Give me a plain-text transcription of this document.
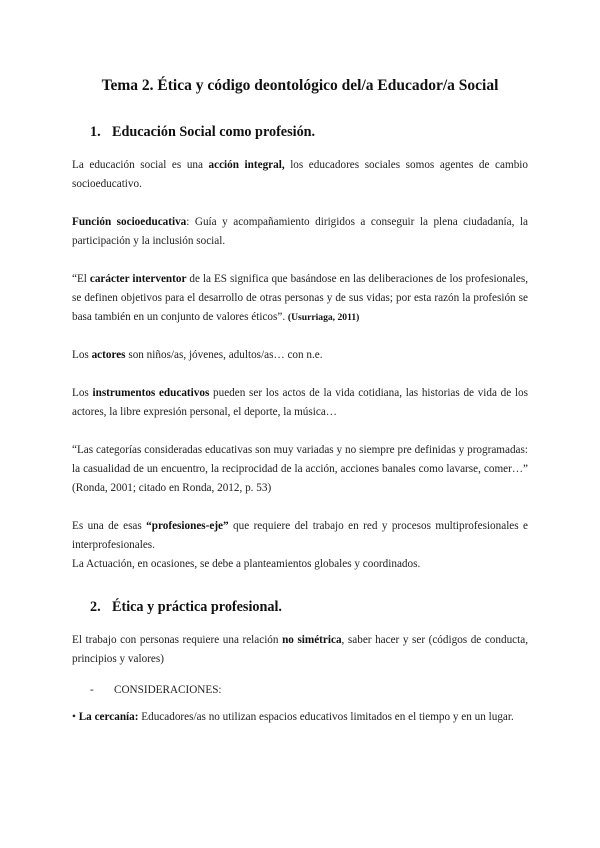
Tema 2. Ética y código deontológico del/a Educador/a Social
1. Educación Social como profesión.

La educación social es una acción integral, los educadores sociales somos agentes de cambio socioeducativo.

Función socioeducativa: Guía y acompañamiento dirigidos a conseguir la plena ciudadanía, la participación y la inclusión social.

“El carácter interventor de la ES significa que basándose en las deliberaciones de los profesionales, se definen objetivos para el desarrollo de otras personas y de sus vidas; por esta razón la profesión se basa también en un conjunto de valores éticos”. (Usurriaga, 2011)

Los actores son niños/as, jóvenes, adultos/as… con n.e.

Los instrumentos educativos pueden ser los actos de la vida cotidiana, las historias de vida de los actores, la libre expresión personal, el deporte, la música…

“Las categorías consideradas educativas son muy variadas y no siempre pre definidas y programadas: la casualidad de un encuentro, la reciprocidad de la acción, acciones banales como lavarse, comer…” (Ronda, 2001; citado en Ronda, 2012, p. 53)

Es una de esas “profesiones-eje” que requiere del trabajo en red y procesos multiprofesionales e interprofesionales.

La Actuación, en ocasiones, se debe a planteamientos globales y coordinados.

2. Ética y práctica profesional.

El trabajo con personas requiere una relación no simétrica, saber hacer y ser (códigos de conducta, principios y valores)

- CONSIDERACIONES:

• La cercanía: Educadores/as no utilizan espacios educativos limitados en el tiempo y en un lugar.
